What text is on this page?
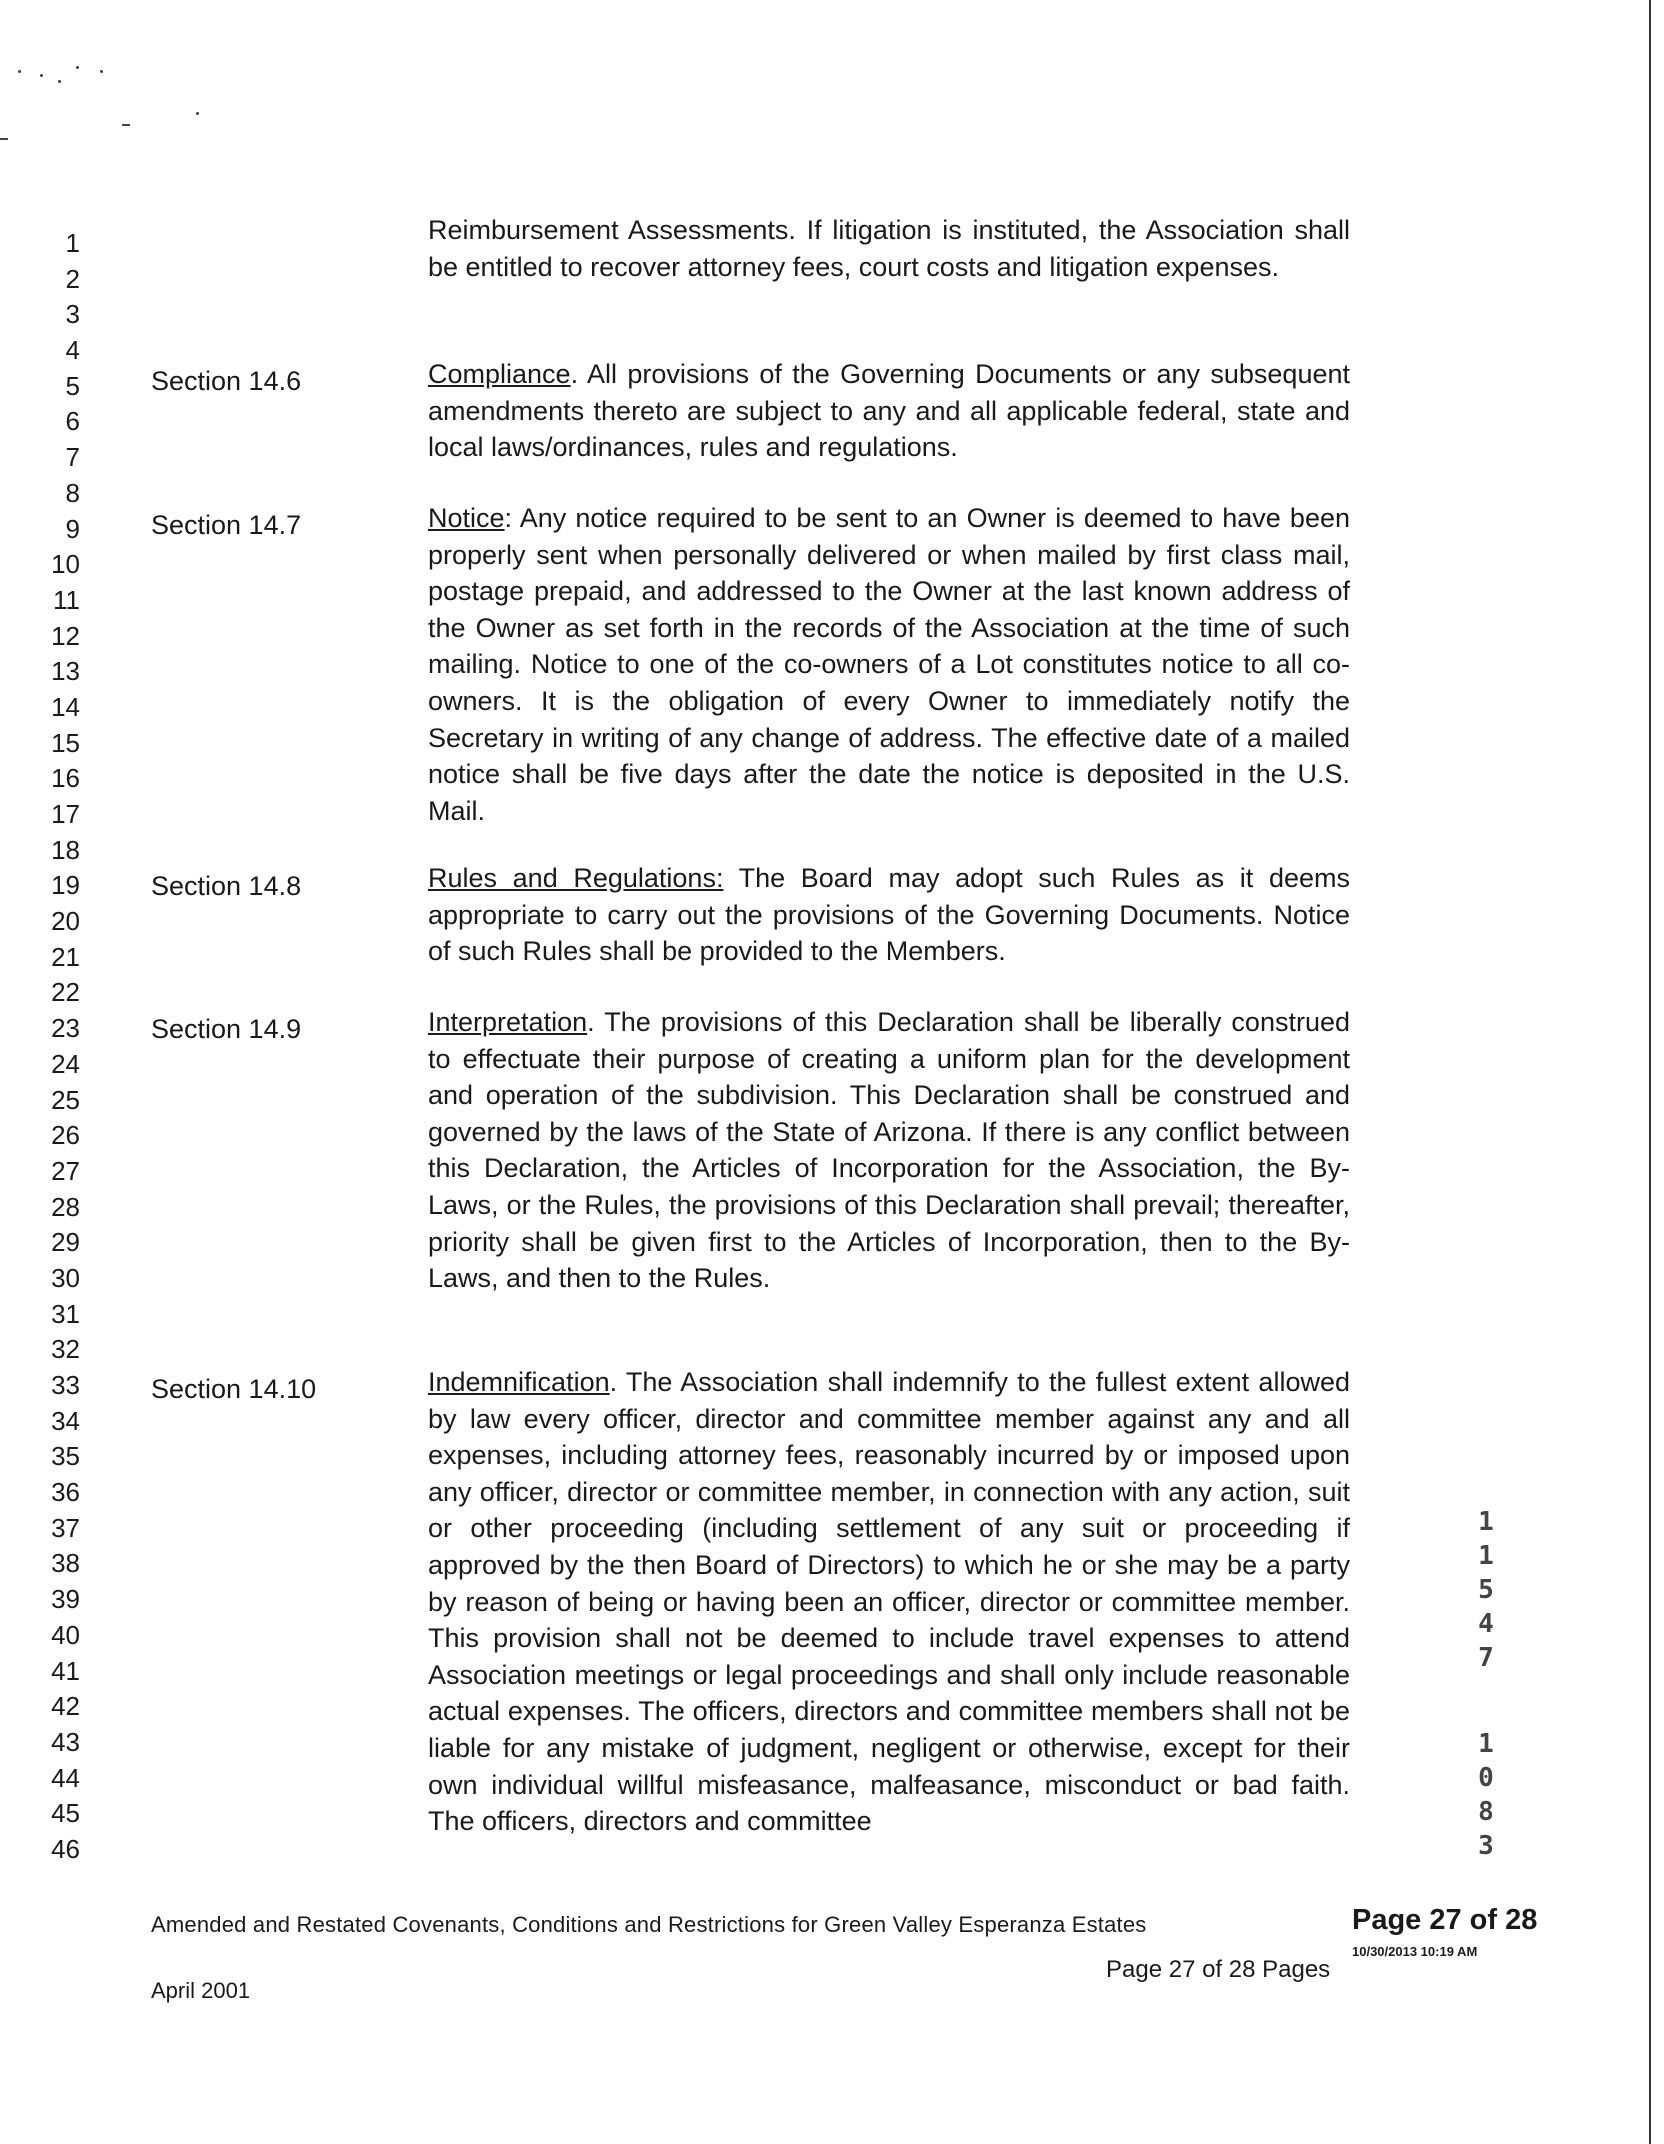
1
2
3
4
5
6
7
8
9
10
11
12
13
14
15
16
17
18
19
20
21
22
23
24
25
26
27
28
29
30
31
32
33
34
35
36
37
38
39
40
41
42
43
44
45
46

Reimbursement Assessments. If litigation is instituted, the Association shall be entitled to recover attorney fees, court costs and litigation expenses.

Section 14.6	Compliance. All provisions of the Governing Documents or any subsequent amendments thereto are subject to any and all applicable federal, state and local laws/ordinances, rules and regulations.

Section 14.7	Notice: Any notice required to be sent to an Owner is deemed to have been properly sent when personally delivered or when mailed by first class mail, postage prepaid, and addressed to the Owner at the last known address of the Owner as set forth in the records of the Association at the time of such mailing. Notice to one of the co-owners of a Lot constitutes notice to all co-owners. It is the obligation of every Owner to immediately notify the Secretary in writing of any change of address. The effective date of a mailed notice shall be five days after the date the notice is deposited in the U.S. Mail.

Section 14.8	Rules and Regulations: The Board may adopt such Rules as it deems appropriate to carry out the provisions of the Governing Documents. Notice of such Rules shall be provided to the Members.

Section 14.9	Interpretation. The provisions of this Declaration shall be liberally construed to effectuate their purpose of creating a uniform plan for the development and operation of the subdivision. This Declaration shall be construed and governed by the laws of the State of Arizona. If there is any conflict between this Declaration, the Articles of Incorporation for the Association, the By-Laws, or the Rules, the provisions of this Declaration shall prevail; thereafter, priority shall be given first to the Articles of Incorporation, then to the By-Laws, and then to the Rules.

Section 14.10	Indemnification. The Association shall indemnify to the fullest extent allowed by law every officer, director and committee member against any and all expenses, including attorney fees, reasonably incurred by or imposed upon any officer, director or committee member, in connection with any action, suit or other proceeding (including settlement of any suit or proceeding if approved by the then Board of Directors) to which he or she may be a party by reason of being or having been an officer, director or committee member. This provision shall not be deemed to include travel expenses to attend Association meetings or legal proceedings and shall only include reasonable actual expenses. The officers, directors and committee members shall not be liable for any mistake of judgment, negligent or otherwise, except for their own individual willful misfeasance, malfeasance, misconduct or bad faith. The officers, directors and committee

1
1
5
4
7
1
0
8
3
Amended and Restated Covenants, Conditions and Restrictions for Green Valley Esperanza Estates	Page 27 of 28
10/30/2013 10:19 AM
Page 27 of 28 Pages
April 2001
